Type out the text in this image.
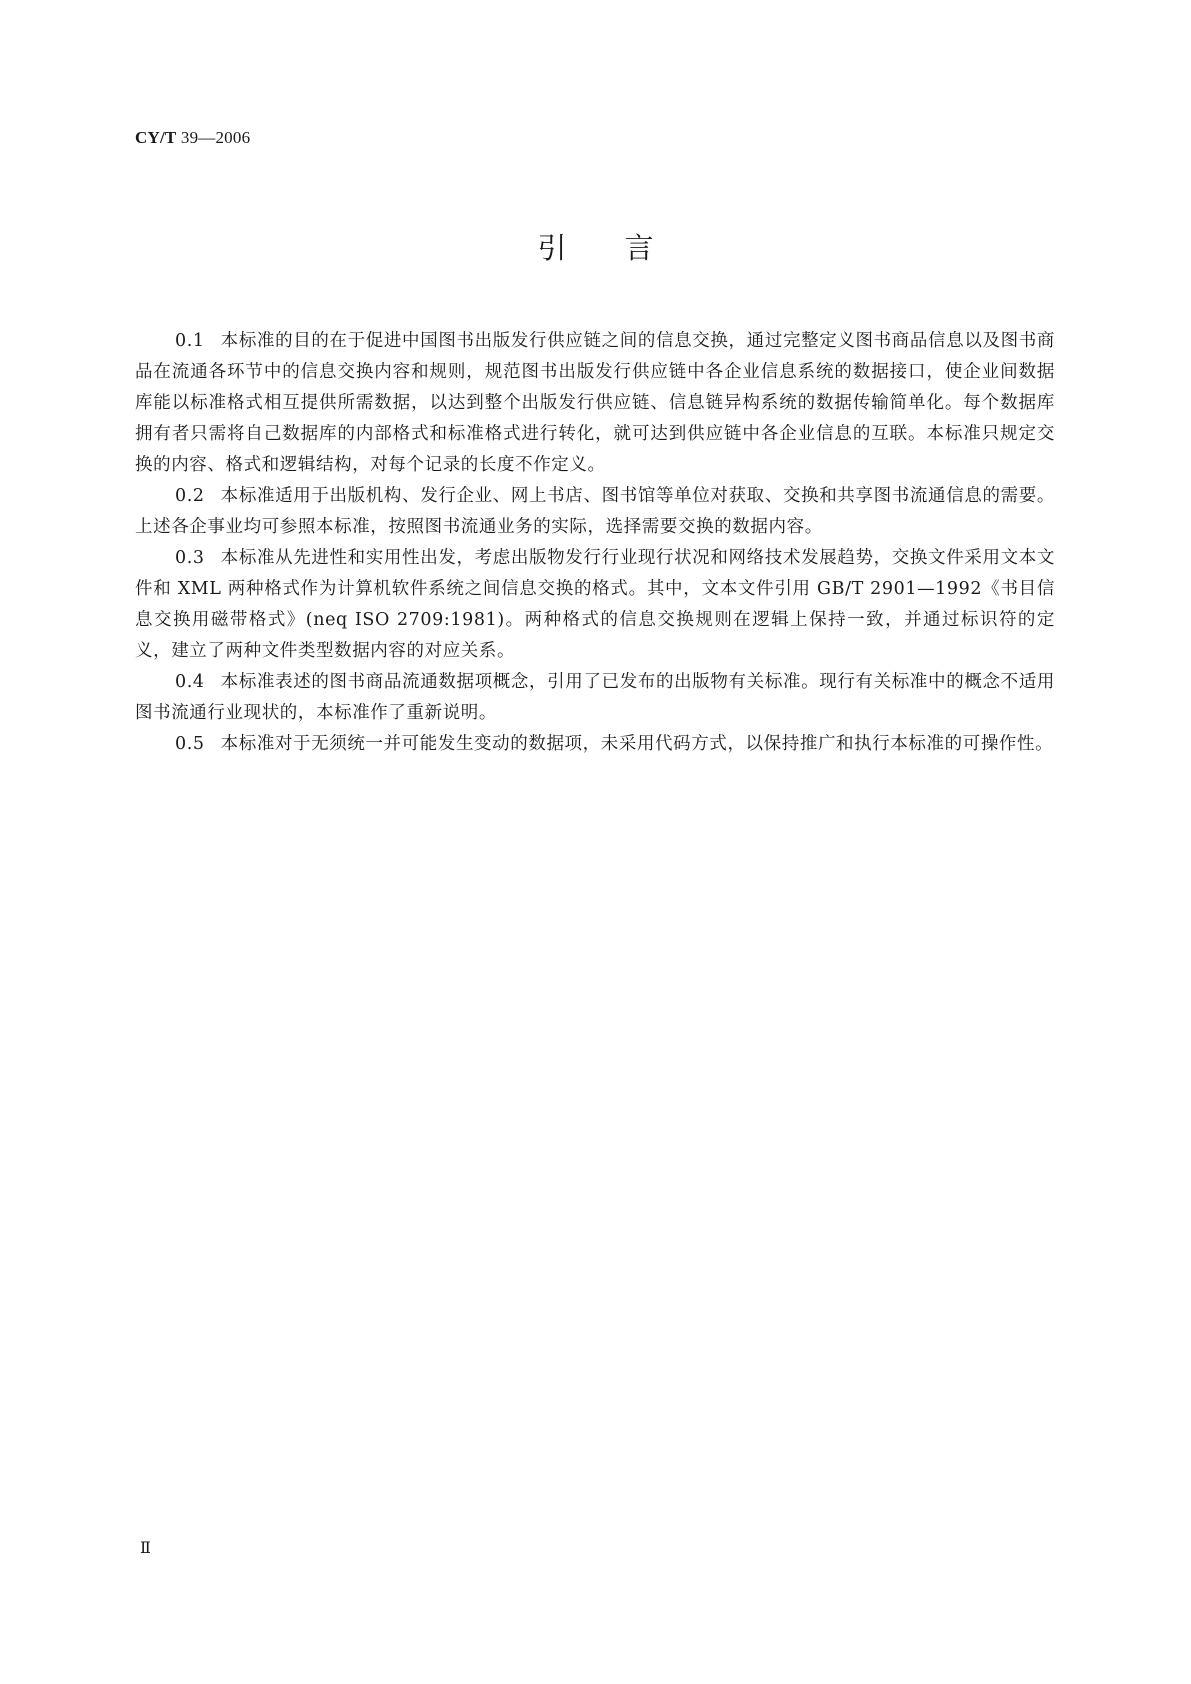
CY/T 39—2006
引言

0.1 本标准的目的在于促进中国图书出版发行供应链之间的信息交换，通过完整定义图书商品信息以及图书商品在流通各环节中的信息交换内容和规则，规范图书出版发行供应链中各企业信息系统的数据接口，使企业间数据库能以标准格式相互提供所需数据，以达到整个出版发行供应链、信息链异构系统的数据传输简单化。每个数据库拥有者只需将自己数据库的内部格式和标准格式进行转化，就可达到供应链中各企业信息的互联。本标准只规定交换的内容、格式和逻辑结构，对每个记录的长度不作定义。

0.2 本标准适用于出版机构、发行企业、网上书店、图书馆等单位对获取、交换和共享图书流通信息的需要。上述各企事业均可参照本标准，按照图书流通业务的实际，选择需要交换的数据内容。

0.3 本标准从先进性和实用性出发，考虑出版物发行行业现行状况和网络技术发展趋势，交换文件采用文本文件和 XML 两种格式作为计算机软件系统之间信息交换的格式。其中，文本文件引用 GB/T 2901—1992《书目信息交换用磁带格式》(neq ISO 2709:1981)。两种格式的信息交换规则在逻辑上保持一致，并通过标识符的定义，建立了两种文件类型数据内容的对应关系。

0.4 本标准表述的图书商品流通数据项概念，引用了已发布的出版物有关标准。现行有关标准中的概念不适用图书流通行业现状的，本标准作了重新说明。

0.5 本标准对于无须统一并可能发生变动的数据项，未采用代码方式，以保持推广和执行本标准的可操作性。

Ⅱ
